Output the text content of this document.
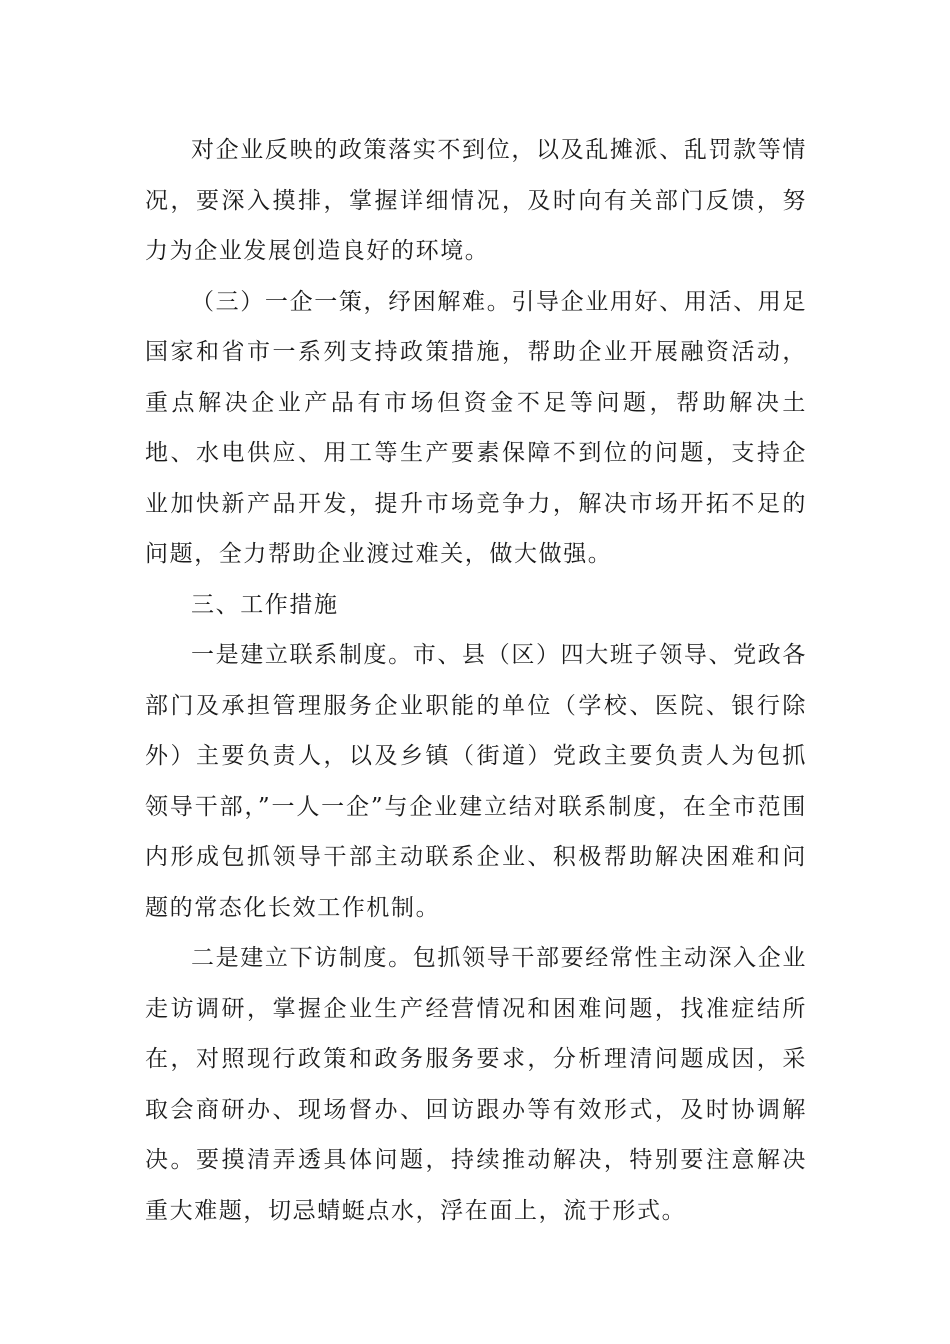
对企业反映的政策落实不到位，以及乱摊派、乱罚款等情况，要深入摸排，掌握详细情况，及时向有关部门反馈，努力为企业发展创造良好的环境。

（三）一企一策，纾困解难。引导企业用好、用活、用足国家和省市一系列支持政策措施，帮助企业开展融资活动，重点解决企业产品有市场但资金不足等问题，帮助解决土地、水电供应、用工等生产要素保障不到位的问题，支持企业加快新产品开发，提升市场竞争力，解决市场开拓不足的问题，全力帮助企业渡过难关，做大做强。

三、工作措施

一是建立联系制度。市、县（区）四大班子领导、党政各部门及承担管理服务企业职能的单位（学校、医院、银行除外）主要负责人，以及乡镇（街道）党政主要负责人为包抓领导干部，”一人一企”与企业建立结对联系制度，在全市范围内形成包抓领导干部主动联系企业、积极帮助解决困难和问题的常态化长效工作机制。

二是建立下访制度。包抓领导干部要经常性主动深入企业走访调研，掌握企业生产经营情况和困难问题，找准症结所在，对照现行政策和政务服务要求，分析理清问题成因，采取会商研办、现场督办、回访跟办等有效形式，及时协调解决。要摸清弄透具体问题，持续推动解决，特别要注意解决重大难题，切忌蜻蜓点水，浮在面上，流于形式。
